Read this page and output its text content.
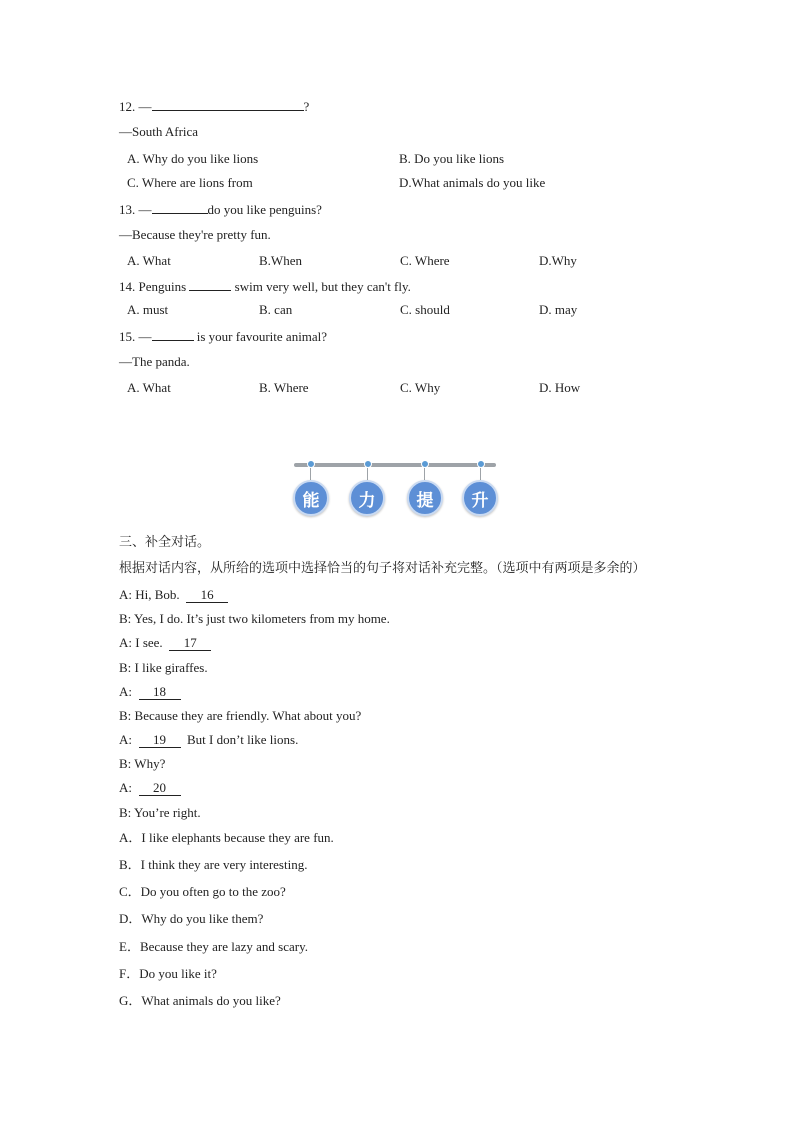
12. —	?
—South Africa
A. Why do you like lions	B. Do you like lions
C. Where are lions from	D.What animals do you like
13. —	do you like penguins?
—Because they're pretty fun.
A. What	B.When	C. Where	D.Why
14. Penguins	swim very well, but they can't fly.
A. must	B. can	C. should	D. may
15. —	is your favourite animal?
—The panda.
A. What	B. Where	C. Why	D. How
能	力	提	升
三、补全对话。
根据对话内容，从所给的选项中选择恰当的句子将对话补充完整。（选项中有两项是多余的）
A: Hi, Bob. 16
B: Yes, I do. It’s just two kilometers from my home.
A: I see. 17
B: I like giraffes.
A: 18
B: Because they are friendly. What about you?
A: 19 But I don’t like lions.
B: Why?
A: 20
B: You’re right.
A．I like elephants because they are fun.
B．I think they are very interesting.
C．Do you often go to the zoo?
D．Why do you like them?
E．Because they are lazy and scary.
F．Do you like it?
G．What animals do you like?
